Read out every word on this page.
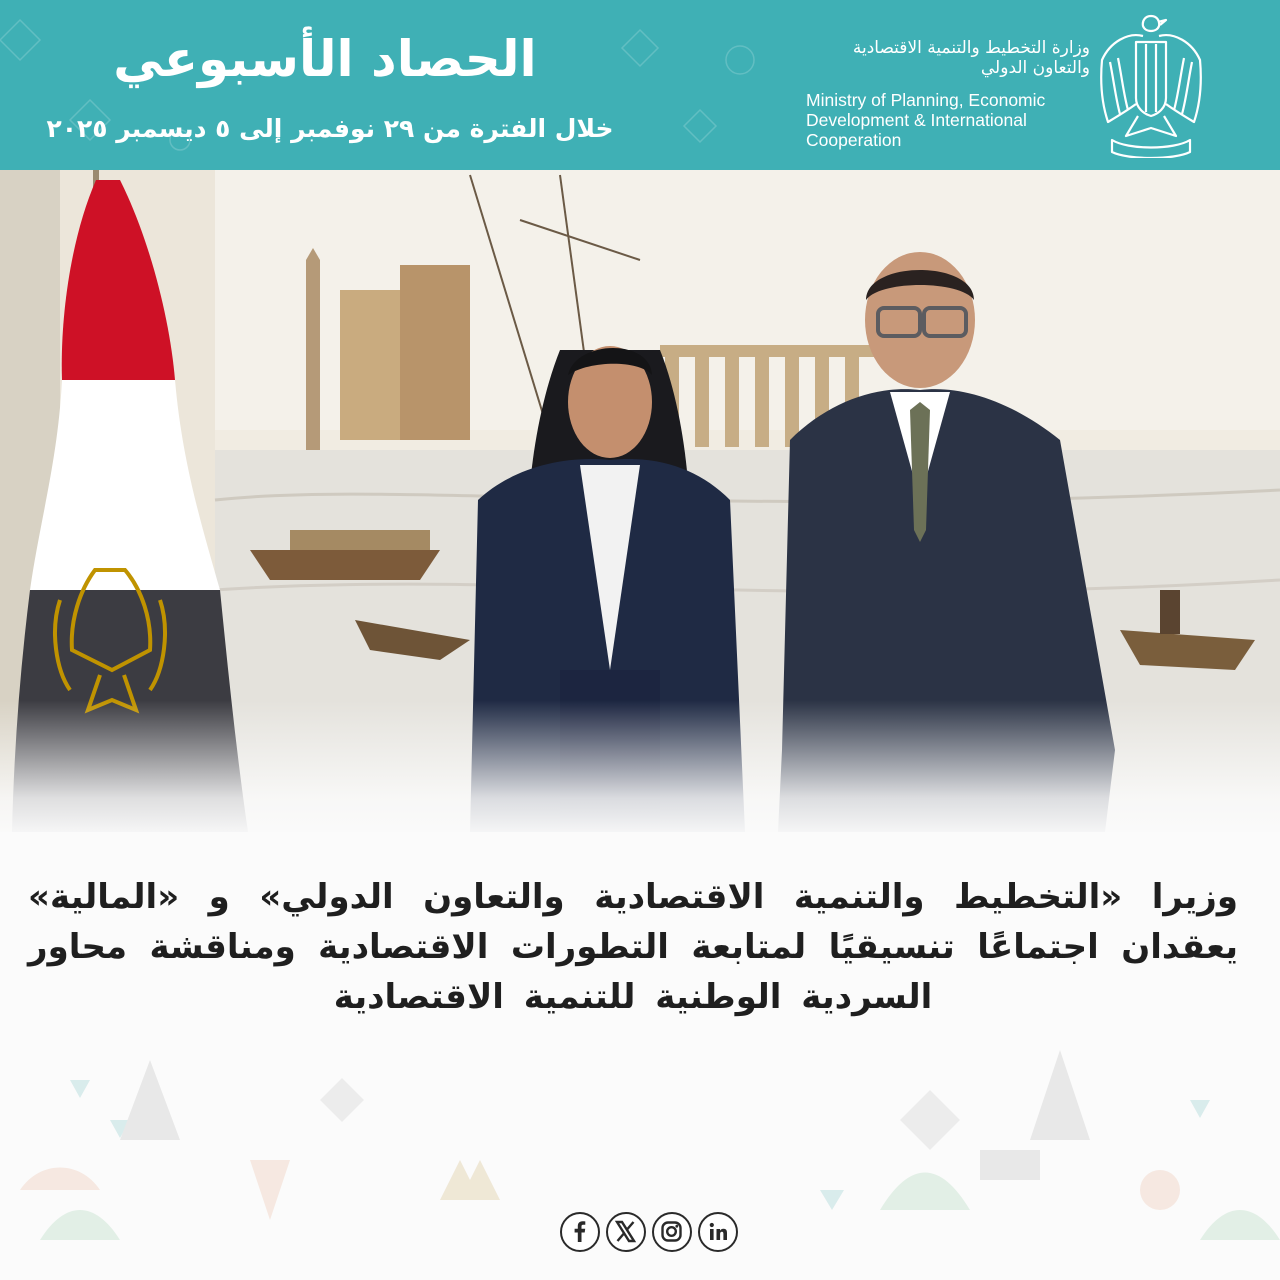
الحصاد الأسبوعي
خلال الفترة من ٢٩ نوفمبر إلى ٥ ديسمبر ٢٠٢٥
وزارة التخطيط والتنمية الاقتصادية
والتعاون الدولي
Ministry of Planning, Economic
Development & International
Cooperation
وزيرا «التخطيط والتنمية الاقتصادية والتعاون الدولي» و «المالية» يعقدان اجتماعًا تنسيقيًا لمتابعة التطورات الاقتصادية ومناقشة محاور السردية الوطنية للتنمية الاقتصادية
